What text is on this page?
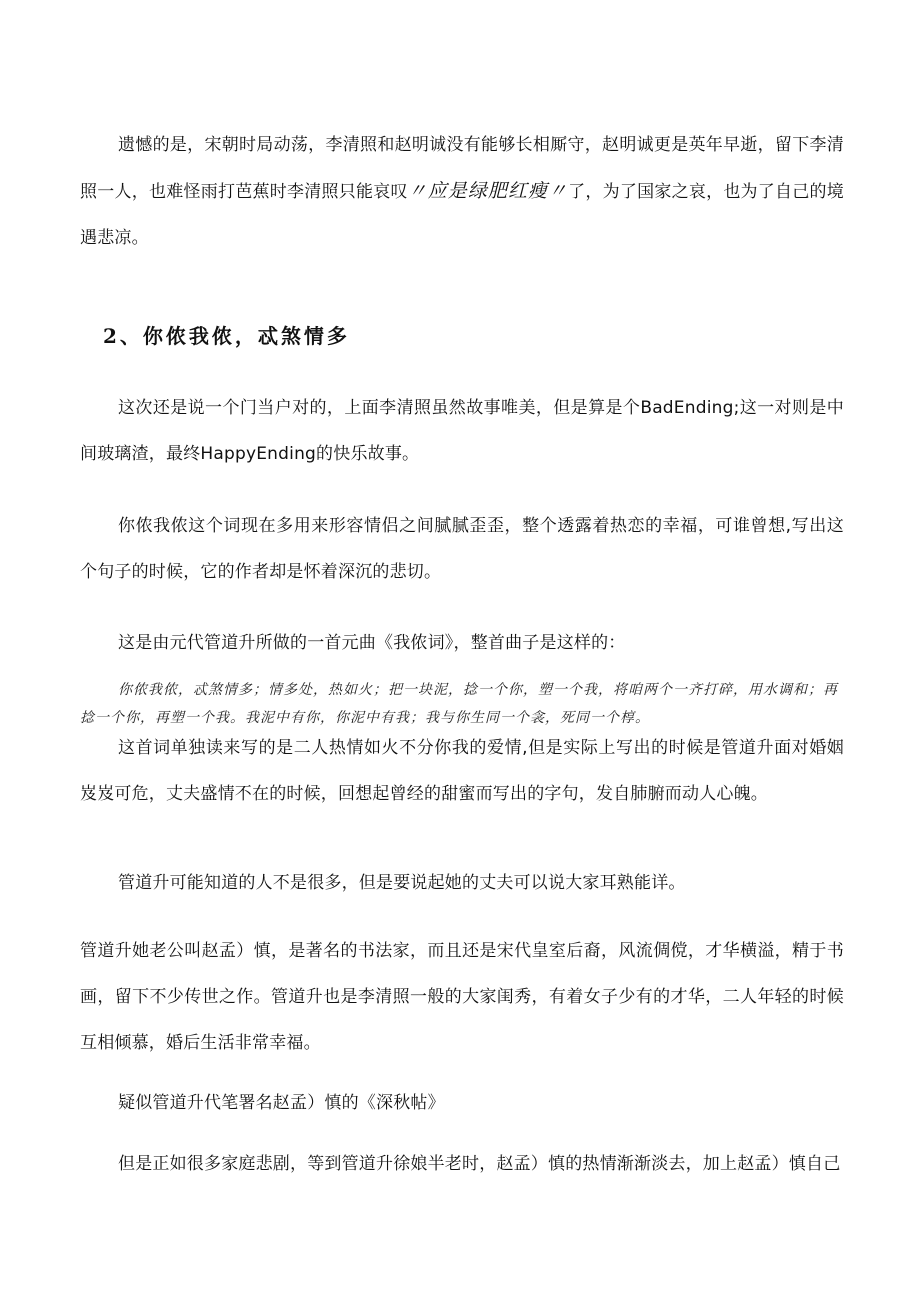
遗憾的是，宋朝时局动荡，李清照和赵明诚没有能够长相厮守，赵明诚更是英年早逝，留下李清照一人，也难怪雨打芭蕉时李清照只能哀叹〃应是绿肥红瘦〃了，为了国家之哀，也为了自己的境遇悲凉。

2、你侬我侬，忒煞情多

这次还是说一个门当户对的，上面李清照虽然故事唯美，但是算是个BadEnding;这一对则是中间玻璃渣，最终HappyEnding的快乐故事。

你侬我侬这个词现在多用来形容情侣之间腻腻歪歪，整个透露着热恋的幸福，可谁曾想,写出这个句子的时候，它的作者却是怀着深沉的悲切。

这是由元代管道升所做的一首元曲《我侬词》，整首曲子是这样的：

你侬我侬，忒煞情多；情多处，热如火；把一块泥，捻一个你，塑一个我，将咱两个一齐打碎，用水调和；再捻一个你，再塑一个我。我泥中有你，你泥中有我；我与你生同一个衾，死同一个椁。

这首词单独读来写的是二人热情如火不分你我的爱情,但是实际上写出的时候是管道升面对婚姻岌岌可危，丈夫盛情不在的时候，回想起曾经的甜蜜而写出的字句，发自肺腑而动人心魄。

管道升可能知道的人不是很多，但是要说起她的丈夫可以说大家耳熟能详。

管道升她老公叫赵孟）慎，是著名的书法家，而且还是宋代皇室后裔，风流倜傥，才华横溢，精于书画，留下不少传世之作。管道升也是李清照一般的大家闺秀，有着女子少有的才华，二人年轻的时候互相倾慕，婚后生活非常幸福。

疑似管道升代笔署名赵孟）慎的《深秋帖》

但是正如很多家庭悲剧，等到管道升徐娘半老时，赵孟）慎的热情渐渐淡去，加上赵孟）慎自己
